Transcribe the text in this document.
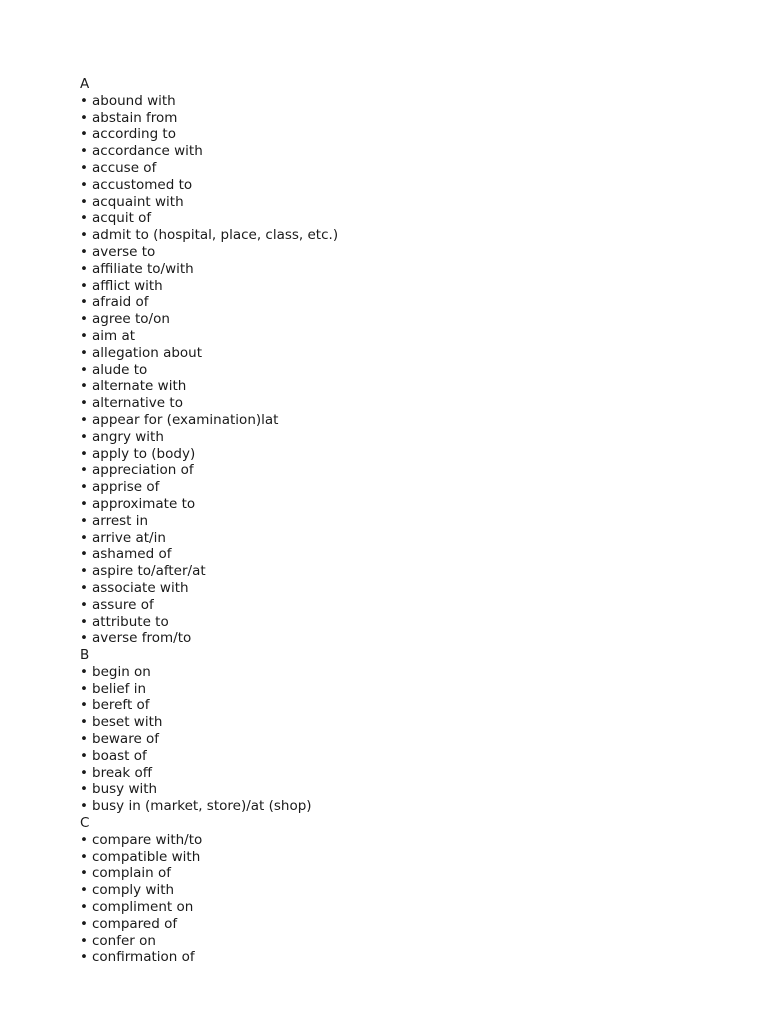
A
• abound with
• abstain from
• according to
• accordance with
• accuse of
• accustomed to
• acquaint with
• acquit of
• admit to (hospital, place, class, etc.)
• averse to
• affiliate to/with
• afflict with
• afraid of
• agree to/on
• aim at
• allegation about
• alude to
• alternate with
• alternative to
• appear for (examination)lat
• angry with
• apply to (body)
• appreciation of
• apprise of
• approximate to
• arrest in
• arrive at/in
• ashamed of
• aspire to/after/at
• associate with
• assure of
• attribute to
• averse from/to
B
• begin on
• belief in
• bereft of
• beset with
• beware of
• boast of
• break off
• busy with
• busy in (market, store)/at (shop)
C
• compare with/to
• compatible with
• complain of
• comply with
• compliment on
• compared of
• confer on
• confirmation of
